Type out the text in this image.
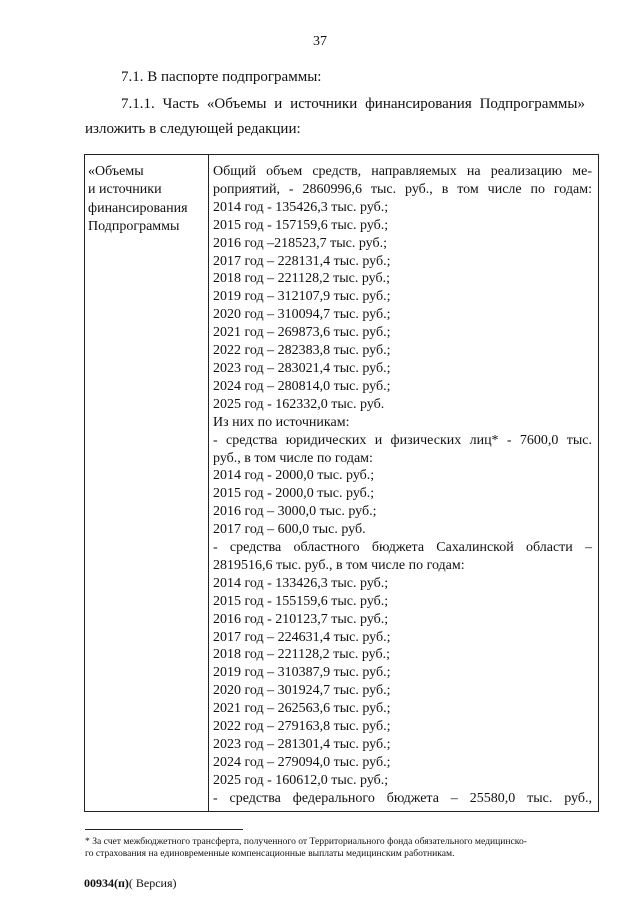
37
7.1. В паспорте подпрограммы:
7.1.1. Часть «Объемы и источники финансирования Подпрограммы»
изложить в следующей редакции:
«Объемы
и источники
финансирования
Подпрограммы

Общий объем средств, направляемых на реализацию ме-
роприятий, - 2860996,6 тыс. руб., в том числе по годам:
2014 год - 135426,3 тыс. руб.;
2015 год - 157159,6 тыс. руб.;
2016 год –218523,7 тыс. руб.;
2017 год – 228131,4 тыс. руб.;
2018 год – 221128,2 тыс. руб.;
2019 год – 312107,9 тыс. руб.;
2020 год – 310094,7 тыс. руб.;
2021 год – 269873,6 тыс. руб.;
2022 год – 282383,8 тыс. руб.;
2023 год – 283021,4 тыс. руб.;
2024 год – 280814,0 тыс. руб.;
2025 год - 162332,0 тыс. руб.
Из них по источникам:
- средства юридических и физических лиц* - 7600,0 тыс.
руб., в том числе по годам:
2014 год - 2000,0 тыс. руб.;
2015 год - 2000,0 тыс. руб.;
2016 год – 3000,0 тыс. руб.;
2017 год – 600,0 тыс. руб.
- средства областного бюджета Сахалинской области –
2819516,6 тыс. руб., в том числе по годам:
2014 год - 133426,3 тыс. руб.;
2015 год - 155159,6 тыс. руб.;
2016 год - 210123,7 тыс. руб.;
2017 год – 224631,4 тыс. руб.;
2018 год – 221128,2 тыс. руб.;
2019 год – 310387,9 тыс. руб.;
2020 год – 301924,7 тыс. руб.;
2021 год – 262563,6 тыс. руб.;
2022 год – 279163,8 тыс. руб.;
2023 год – 281301,4 тыс. руб.;
2024 год – 279094,0 тыс. руб.;
2025 год - 160612,0 тыс. руб.;
- средства федерального бюджета – 25580,0 тыс. руб.,
* За счет межбюджетного трансферта, полученного от Территориального фонда обязательного медицинско-
го страхования на единовременные компенсационные выплаты медицинским работникам.
00934(п)( Версия)
